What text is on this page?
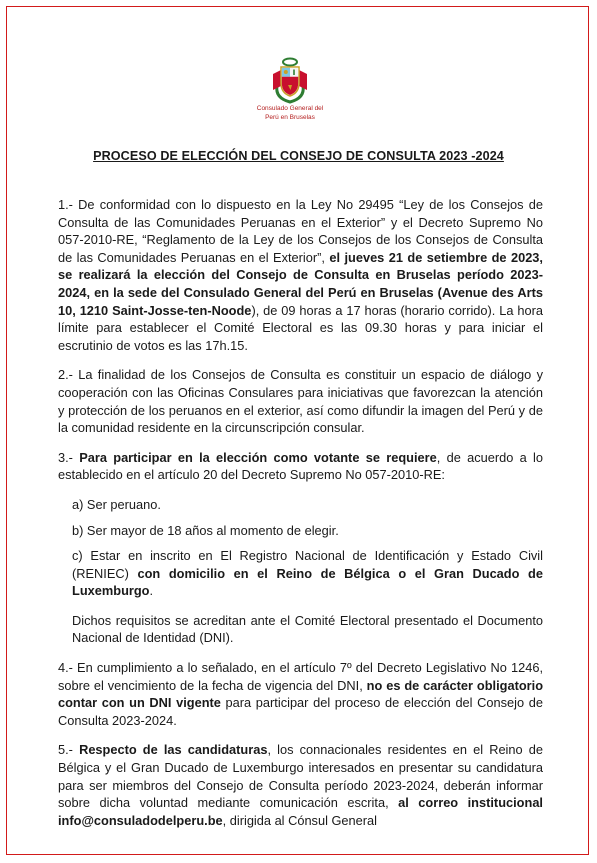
Consulado General del
Perú en Bruselas
PROCESO DE ELECCIÓN DEL CONSEJO DE CONSULTA 2023 -2024

1.- De conformidad con lo dispuesto en la Ley No 29495 “Ley de los Consejos de Consulta de las Comunidades Peruanas en el Exterior” y el Decreto Supremo No 057-2010-RE, “Reglamento de la Ley de los Consejos de los Consejos de Consulta de las Comunidades Peruanas en el Exterior”, el jueves 21 de setiembre de 2023, se realizará la elección del Consejo de Consulta en Bruselas período 2023-2024, en la sede del Consulado General del Perú en Bruselas (Avenue des Arts 10, 1210 Saint-Josse-ten-Noode), de 09 horas a 17 horas (horario corrido). La hora límite para establecer el Comité Electoral es las 09.30 horas y para iniciar el escrutinio de votos es las 17h.15.

2.- La finalidad de los Consejos de Consulta es constituir un espacio de diálogo y cooperación con las Oficinas Consulares para iniciativas que favorezcan la atención y protección de los peruanos en el exterior, así como difundir la imagen del Perú y de la comunidad residente en la circunscripción consular.

3.- Para participar en la elección como votante se requiere, de acuerdo a lo establecido en el artículo 20 del Decreto Supremo No 057-2010-RE:

a) Ser peruano.

b) Ser mayor de 18 años al momento de elegir.

c) Estar en inscrito en El Registro Nacional de Identificación y Estado Civil (RENIEC) con domicilio en el Reino de Bélgica o el Gran Ducado de Luxemburgo.

Dichos requisitos se acreditan ante el Comité Electoral presentado el Documento Nacional de Identidad (DNI).

4.- En cumplimiento a lo señalado, en el artículo 7º del Decreto Legislativo No 1246, sobre el vencimiento de la fecha de vigencia del DNI, no es de carácter obligatorio contar con un DNI vigente para participar del proceso de elección del Consejo de Consulta 2023-2024.

5.- Respecto de las candidaturas, los connacionales residentes en el Reino de Bélgica y el Gran Ducado de Luxemburgo interesados en presentar su candidatura para ser miembros del Consejo de Consulta período 2023-2024, deberán informar sobre dicha voluntad mediante comunicación escrita, al correo institucional info@consuladodelperu.be, dirigida al Cónsul General
